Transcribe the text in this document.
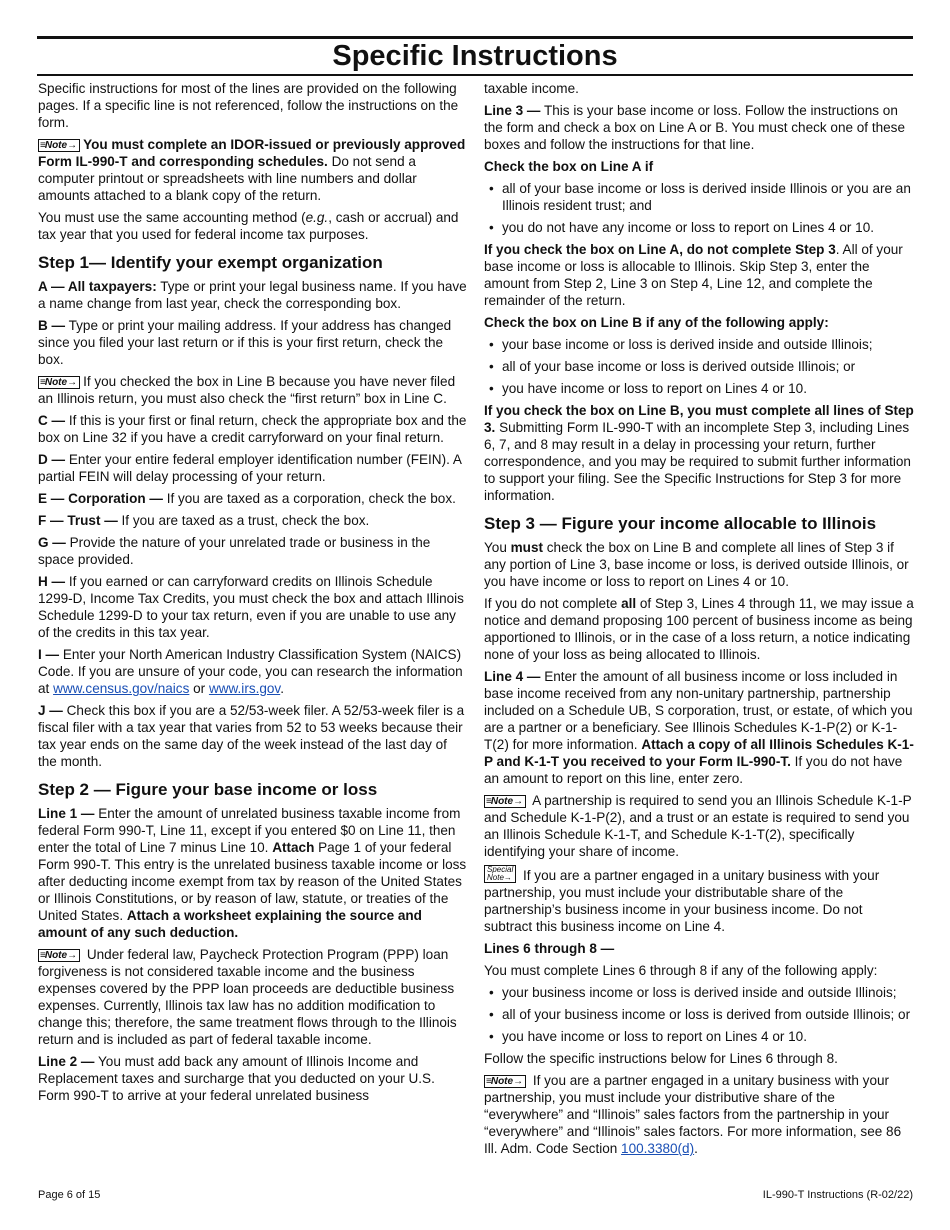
Specific Instructions

Specific instructions for most of the lines are provided on the following pages. If a specific line is not referenced, follow the instructions on the form.

≡Note→ You must complete an IDOR-issued or previously approved Form IL-990-T and corresponding schedules. Do not send a computer printout or spreadsheets with line numbers and dollar amounts attached to a blank copy of the return.

You must use the same accounting method (e.g., cash or accrual) and tax year that you used for federal income tax purposes.

Step 1— Identify your exempt organization

A — All taxpayers: Type or print your legal business name. If you have a name change from last year, check the corresponding box.

B — Type or print your mailing address. If your address has changed since you filed your last return or if this is your first return, check the box.

≡Note→ If you checked the box in Line B because you have never filed an Illinois return, you must also check the “first return” box in Line C.

C — If this is your first or final return, check the appropriate box and the box on Line 32 if you have a credit carryforward on your final return.

D — Enter your entire federal employer identification number (FEIN). A partial FEIN will delay processing of your return.

E — Corporation — If you are taxed as a corporation, check the box.

F — Trust — If you are taxed as a trust, check the box.

G — Provide the nature of your unrelated trade or business in the space provided.

H — If you earned or can carryforward credits on Illinois Schedule 1299-D, Income Tax Credits, you must check the box and attach Illinois Schedule 1299-D to your tax return, even if you are unable to use any of the credits in this tax year.

I — Enter your North American Industry Classification System (NAICS) Code. If you are unsure of your code, you can research the information at www.census.gov/naics or www.irs.gov.

J — Check this box if you are a 52/53-week filer. A 52/53-week filer is a fiscal filer with a tax year that varies from 52 to 53 weeks because their tax year ends on the same day of the week instead of the last day of the month.

Step 2 — Figure your base income or loss

Line 1 — Enter the amount of unrelated business taxable income from federal Form 990-T, Line 11, except if you entered $0 on Line 11, then enter the total of Line 7 minus Line 10. Attach Page 1 of your federal Form 990-T. This entry is the unrelated business taxable income or loss after deducting income exempt from tax by reason of the United States or Illinois Constitutions, or by reason of law, statute, or treaties of the United States. Attach a worksheet explaining the source and amount of any such deduction.

≡Note→ Under federal law, Paycheck Protection Program (PPP) loan forgiveness is not considered taxable income and the business expenses covered by the PPP loan proceeds are deductible business expenses. Currently, Illinois tax law has no addition modification to change this; therefore, the same treatment flows through to the Illinois return and is included as part of federal taxable income.

Line 2 — You must add back any amount of Illinois Income and Replacement taxes and surcharge that you deducted on your U.S. Form 990-T to arrive at your federal unrelated business

taxable income.

Line 3 — This is your base income or loss. Follow the instructions on the form and check a box on Line A or B. You must check one of these boxes and follow the instructions for that line.

Check the box on Line A if
• all of your base income or loss is derived inside Illinois or you are an Illinois resident trust; and
• you do not have any income or loss to report on Lines 4 or 10.

If you check the box on Line A, do not complete Step 3. All of your base income or loss is allocable to Illinois. Skip Step 3, enter the amount from Step 2, Line 3 on Step 4, Line 12, and complete the remainder of the return.

Check the box on Line B if any of the following apply:
• your base income or loss is derived inside and outside Illinois;
• all of your base income or loss is derived outside Illinois; or
• you have income or loss to report on Lines 4 or 10.

If you check the box on Line B, you must complete all lines of Step 3. Submitting Form IL-990-T with an incomplete Step 3, including Lines 6, 7, and 8 may result in a delay in processing your return, further correspondence, and you may be required to submit further information to support your filing. See the Specific Instructions for Step 3 for more information.

Step 3 — Figure your income allocable to Illinois

You must check the box on Line B and complete all lines of Step 3 if any portion of Line 3, base income or loss, is derived outside Illinois, or you have income or loss to report on Lines 4 or 10.

If you do not complete all of Step 3, Lines 4 through 11, we may issue a notice and demand proposing 100 percent of business income as being apportioned to Illinois, or in the case of a loss return, a notice indicating none of your loss as being allocated to Illinois.

Line 4 — Enter the amount of all business income or loss included in base income received from any non-unitary partnership, partnership included on a Schedule UB, S corporation, trust, or estate, of which you are a partner or a beneficiary. See Illinois Schedules K-1-P(2) or K-1-T(2) for more information. Attach a copy of all Illinois Schedules K-1-P and K-1-T you received to your Form IL-990-T. If you do not have an amount to report on this line, enter zero.

≡Note→ A partnership is required to send you an Illinois Schedule K-1-P and Schedule K-1-P(2), and a trust or an estate is required to send you an Illinois Schedule K-1-T, and Schedule K-1-T(2), specifically identifying your share of income.

Special
Note→ If you are a partner engaged in a unitary business with your partnership, you must include your distributable share of the partnership’s business income in your business income. Do not subtract this business income on Line 4.

Lines 6 through 8 —

You must complete Lines 6 through 8 if any of the following apply:

• your business income or loss is derived inside and outside Illinois;
• all of your business income or loss is derived from outside Illinois; or
• you have income or loss to report on Lines 4 or 10.

Follow the specific instructions below for Lines 6 through 8.

≡Note→ If you are a partner engaged in a unitary business with your partnership, you must include your distributive share of the “everywhere” and “Illinois” sales factors from the partnership in your “everywhere” and “Illinois” sales factors. For more information, see 86 Ill. Adm. Code Section 100.3380(d).

Page 6 of 15	IL-990-T Instructions (R-02/22)
